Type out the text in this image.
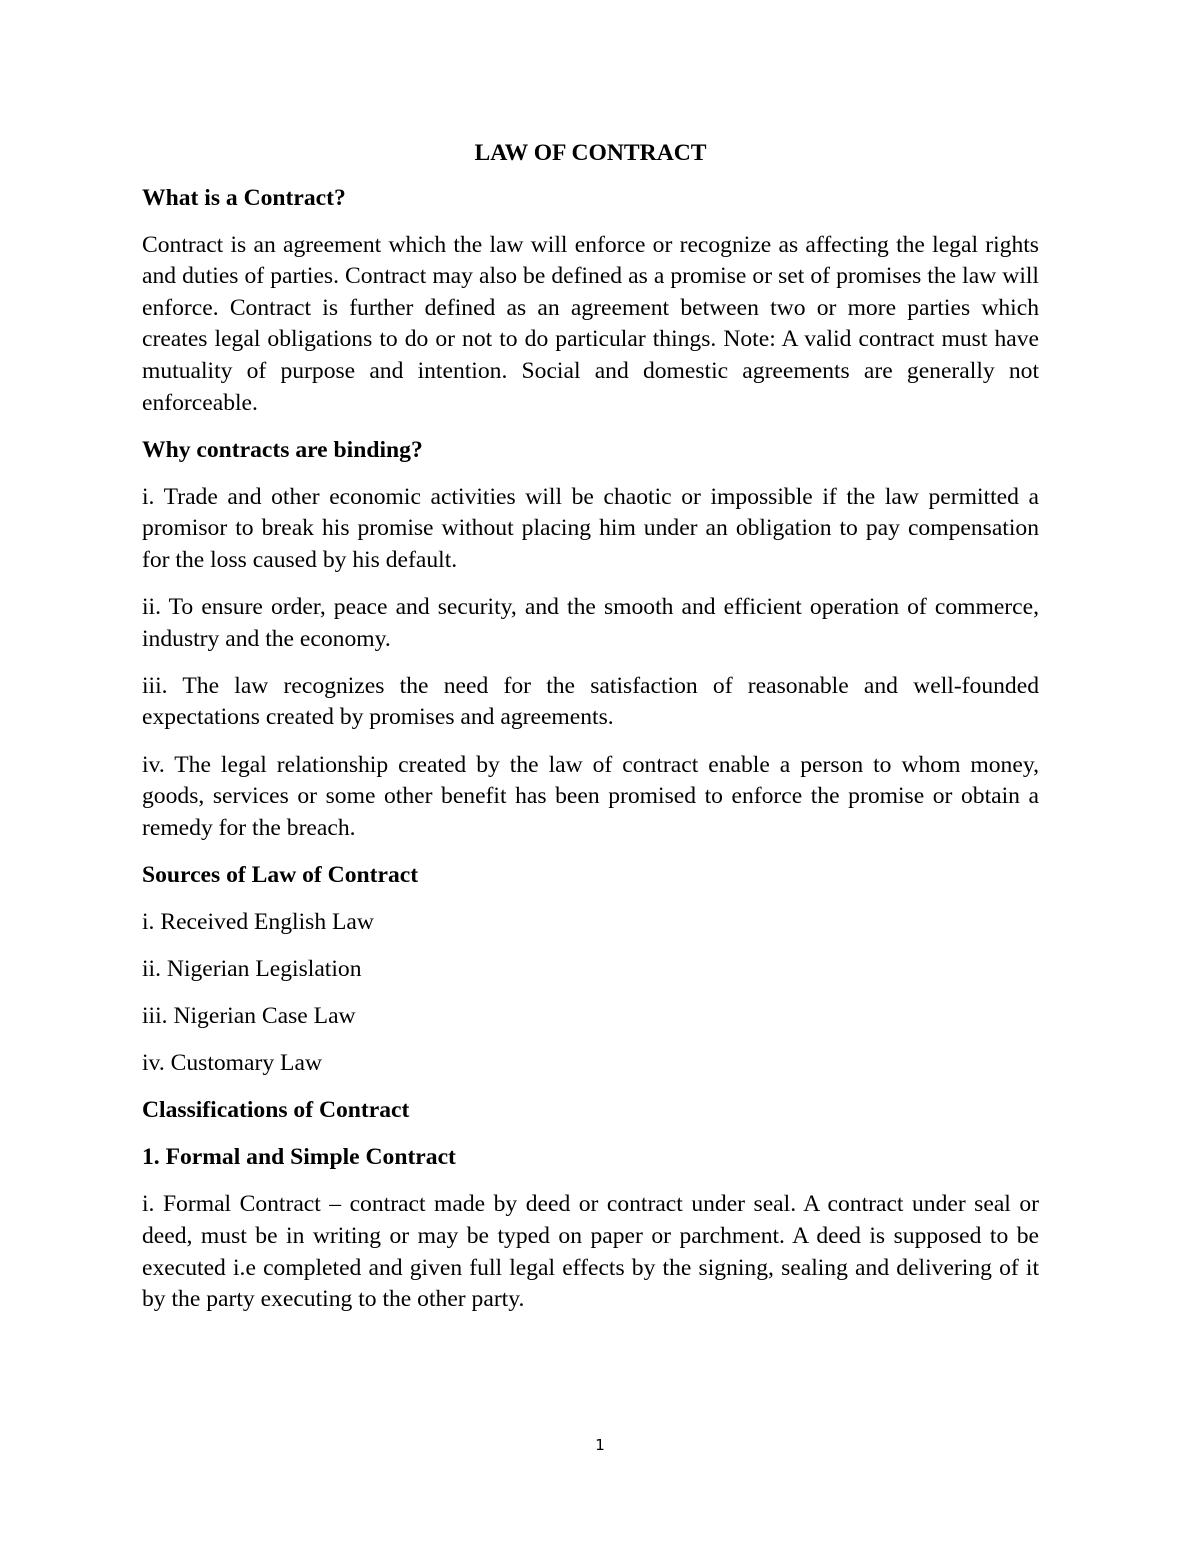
LAW OF CONTRACT
What is a Contract?
Contract is an agreement which the law will enforce or recognize as affecting the legal rights and duties of parties. Contract may also be defined as a promise or set of promises the law will enforce. Contract is further defined as an agreement between two or more parties which creates legal obligations to do or not to do particular things. Note: A valid contract must have mutuality of purpose and intention. Social and domestic agreements are generally not enforceable.
Why contracts are binding?
i. Trade and other economic activities will be chaotic or impossible if the law permitted a promisor to break his promise without placing him under an obligation to pay compensation for the loss caused by his default.
ii. To ensure order, peace and security, and the smooth and efficient operation of commerce, industry and the economy.
iii. The law recognizes the need for the satisfaction of reasonable and well-founded expectations created by promises and agreements.
iv. The legal relationship created by the law of contract enable a person to whom money, goods, services or some other benefit has been promised to enforce the promise or obtain a remedy for the breach.
Sources of Law of Contract
i. Received English Law
ii. Nigerian Legislation
iii. Nigerian Case Law
iv. Customary Law
Classifications of Contract
1. Formal and Simple Contract
i. Formal Contract – contract made by deed or contract under seal. A contract under seal or deed, must be in writing or may be typed on paper or parchment. A deed is supposed to be executed i.e completed and given full legal effects by the signing, sealing and delivering of it by the party executing to the other party.
1
